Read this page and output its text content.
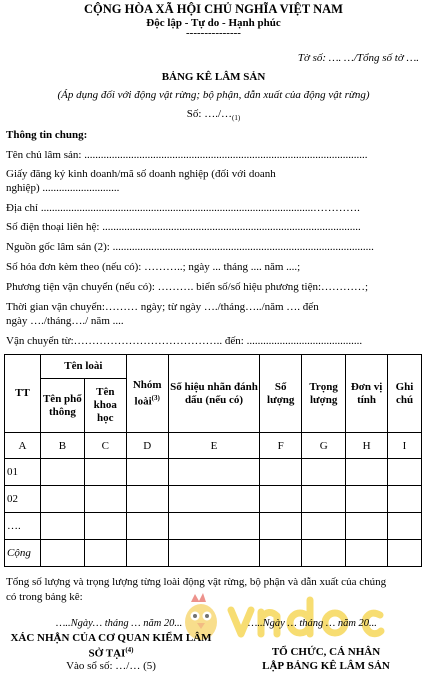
CỘNG HÒA XÃ HỘI CHỦ NGHĨA VIỆT NAM
Độc lập - Tự do - Hạnh phúc
---------------
Tờ số: …. …/Tổng số tờ ….
BẢNG KÊ LÂM SẢN
(Áp dụng đối với động vật rừng; bộ phận, dẫn xuất của động vật rừng)
Số: $\dots./\dots_{(1)}$
Thông tin chung:
Tên chủ lâm sản: .......................................................................................................
Giấy đăng ký kinh doanh/mã số doanh nghiệp (đối với doanh
nghiệp) ............................
Địa chỉ ...................................................................................................………….
Số điện thoại liên hệ: ..............................................................................................
Nguồn gốc lâm sản (2): ...............................................................................................
Số hóa đơn kèm theo (nếu có): ………..; ngày ... tháng .... năm ....;
Phương tiện vận chuyển (nếu có): ………. biển số/số hiệu phương tiện:…………;
Thời gian vận chuyển:……… ngày; từ ngày …./tháng…../năm …. đến
ngày …./tháng…./ năm ....
Vận chuyển từ:………………………………….. đến: ..........................................
TT	Tên loài		Nhóm loài$^{(3)}$	Số hiệu nhãn đánh dấu (nếu có)	Số lượng	Trọng lượng	Đơn vị tính	Ghi chú
	Tên phổ thông	Tên khoa học						
A	B	C	D	E	F	G	H	I
01								
02								
….								
Cộng								
Tổng số lượng và trọng lượng từng loài động vật rừng, bộ phận và dẫn xuất của chúng
có trong bảng kê:
…..Ngày… tháng … năm 20...
XÁC NHẬN CỦA CƠ QUAN KIỂM LÂM
SỞ TẠI$^{(4)}$
Vào sổ số: …/… (5)
…..Ngày … tháng … năm 20...
TỔ CHỨC, CÁ NHÂN
LẬP BẢNG KÊ LÂM SẢN
